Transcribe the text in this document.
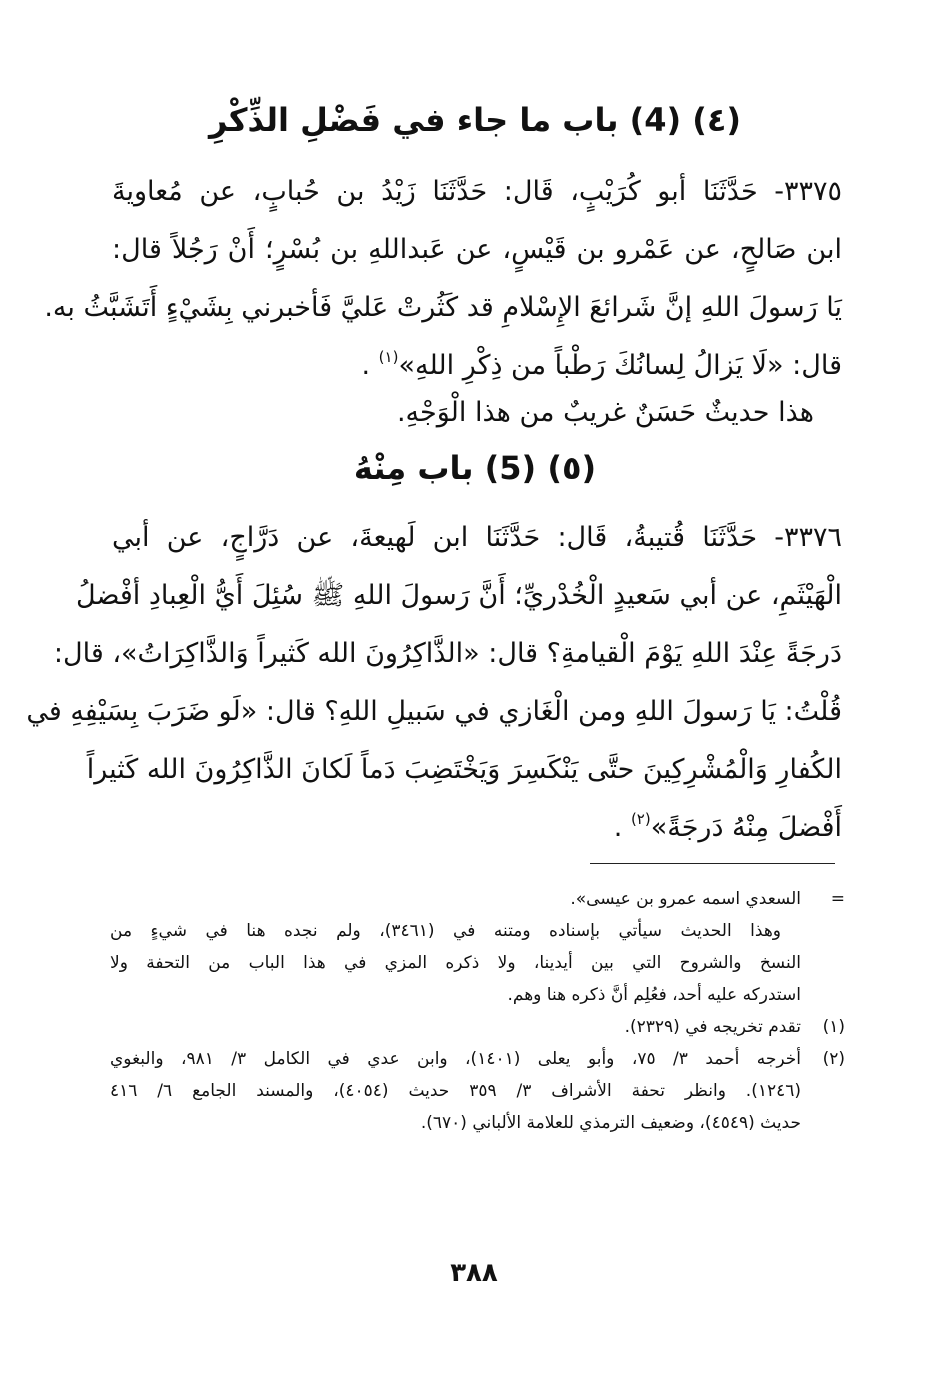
(٤) (4) باب ما جاء في فَضْلِ الذِّكْرِ
٣٣٧٥- حَدَّثَنَا أبو كُرَيْبٍ، قَال: حَدَّثَنَا زَيْدُ بن حُبابٍ، عن مُعاويةَ
ابن صَالحٍ، عن عَمْرو بن قَيْسٍ، عن عَبداللهِ بن بُسْرٍ؛ أَنْ رَجُلاً قال:
يَا رَسولَ اللهِ إنَّ شَرائعَ الإِسْلامِ قد كَثُرتْ عَليَّ فَأخبرني بِشَيْءٍ أَتَشَبَّثُ به.
قال: «لَا يَزالُ لِسانُكَ رَطْباً من ذِكْرِ اللهِ»$^{(١)}$ .
هذا حديثٌ حَسَنٌ غريبٌ من هذا الْوَجْهِ.
(٥) (5) باب مِنْهُ
٣٣٧٦- حَدَّثَنَا قُتيبةُ، قَال: حَدَّثَنَا ابن لَهيعةَ، عن دَرَّاجٍ، عن أبي
الْهَيْثَمِ، عن أبي سَعيدٍ الْخُدْريِّ؛ أَنَّ رَسولَ اللهِ ﷺ سُئِلَ أَيُّ الْعِبادِ أفْضلُ
دَرجَةً عِنْدَ اللهِ يَوْمَ الْقيامةِ؟ قال: «الذَّاكِرُونَ الله كَثيراً وَالذَّاكِرَاتُ»، قال:
قُلْتُ: يَا رَسولَ اللهِ ومن الْغَازي في سَبيلِ اللهِ؟ قال: «لَو ضَرَبَ بِسَيْفِهِ في
الكُفارِ وَالْمُشْرِكِينَ حتَّى يَنْكَسِرَ وَيَخْتَضِبَ دَماً لَكانَ الذَّاكِرُونَ الله كَثيراً
أَفْضلَ مِنْهُ دَرجَةً»$^{(٢)}$ .
=
السعدي اسمه عمرو بن عيسى».
وهذا الحديث سيأتي بإسناده ومتنه في (٣٤٦١)، ولم نجده هنا في شيءٍ من
النسخ والشروح التي بين أيدينا، ولا ذكره المزي في هذا الباب من التحفة ولا
استدركه عليه أحد، فعُلِم أنَّ ذكره هنا وهم.
(١)
تقدم تخريجه في (٢٣٢٩).
(٢)
أخرجه أحمد ٣/ ٧٥، وأبو يعلى (١٤٠١)، وابن عدي في الكامل ٣/ ٩٨١، والبغوي
(١٢٤٦). وانظر تحفة الأشراف ٣/ ٣٥٩ حديث (٤٠٥٤)، والمسند الجامع ٦/ ٤١٦
حديث (٤٥٤٩)، وضعيف الترمذي للعلامة الألباني (٦٧٠).
٣٨٨
